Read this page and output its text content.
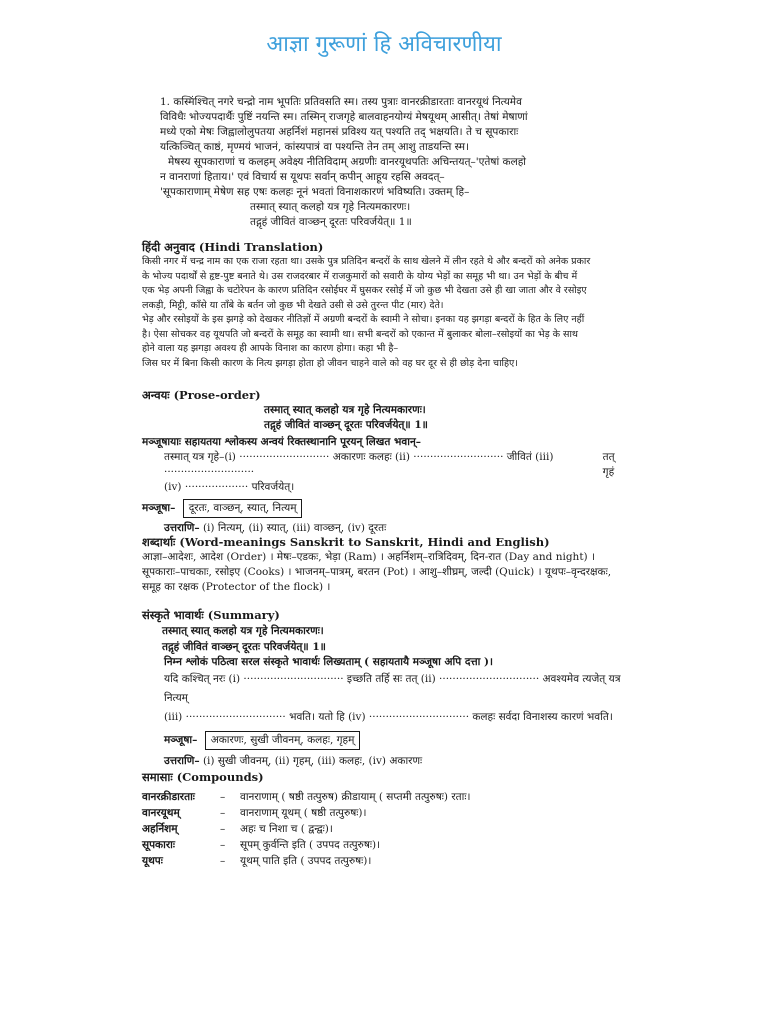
आज्ञा गुरूणां हि अविचारणीया
1. कस्मिंश्चित् नगरे चन्द्रो नाम भूपतिः प्रतिवसति स्म। तस्य पुत्राः वानरक्रीडारताः वानरयूथं नित्यमेव
विविधैः भोज्यपदार्थैः पुष्टिं नयन्ति स्म। तस्मिन् राजगृहे बालवाहनयोग्यं मेषयूथम् आसीत्। तेषां मेषाणां
मध्ये एको मेषः जिह्वालोलुपतया अहर्निशं महानसं प्रविश्य यत् पश्यति तद् भक्षयति। ते च सूपकाराः
यत्किञ्चित् काष्ठं, मृण्मयं भाजनं, कांस्यपात्रं वा पश्यन्ति तेन तम् आशु ताडयन्ति स्म।
मेषस्य सूपकाराणां च कलहम् अवेक्ष्य नीतिविदाम् अग्रणीः वानरयूथपतिः अचिन्तयत्–'एतेषां कलहो
न वानराणां हिताय।' एवं विचार्य स यूथपः सर्वान् कपीन् आहूय रहसि अवदत्–
'सूपकाराणाम् मेषेण सह एषः कलहः नूनं भवतां विनाशकारणं भविष्यति। उक्तम् हि–
तस्मात् स्यात् कलहो यत्र गृहे नित्यमकारणः।
तद्गृहं जीवितं वाञ्छन् दूरतः परिवर्जयेत्॥ 1॥
हिंदी अनुवाद (Hindi Translation)
किसी नगर में चन्द्र नाम का एक राजा रहता था। उसके पुत्र प्रतिदिन बन्दरों के साथ खेलने में लीन रहते थे और बन्दरों को अनेक प्रकार
के भोज्य पदार्थों से हृष्ट-पुष्ट बनाते थे। उस राजदरबार में राजकुमारों को सवारी के योग्य भेड़ों का समूह भी था। उन भेड़ों के बीच में
एक भेड़ अपनी जिह्वा के चटोरेपन के कारण प्रतिदिन रसोईघर में घुसकर रसोई में जो कुछ भी देखता उसे ही खा जाता और वे रसोइए
लकड़ी, मिट्टी, काँसे या ताँबे के बर्तन जो कुछ भी देखते उसी से उसे तुरन्त पीट (मार) देते।
भेड़ और रसोइयों के इस झगड़े को देखकर नीतिज्ञों में अग्रणी बन्दरों के स्वामी ने सोचा। इनका यह झगड़ा बन्दरों के हित के लिए नहीं
है। ऐसा सोचकर वह यूथपति जो बन्दरों के समूह का स्वामी था। सभी बन्दरों को एकान्त में बुलाकर बोला–रसोइयों का भेड़ के साथ
होने वाला यह झगड़ा अवश्य ही आपके विनाश का कारण होगा। कहा भी है–
जिस घर में बिना किसी कारण के नित्य झगड़ा होता हो जीवन चाहने वाले को वह घर दूर से ही छोड़ देना चाहिए।
अन्वयः (Prose-order)
तस्मात् स्यात् कलहो यत्र गृहे नित्यमकारणः।
तद्गृहं जीवितं वाञ्छन् दूरतः परिवर्जयेत्॥ 1॥
मञ्जूषायाः सहायतया श्लोकस्य अन्वयं रिक्तस्थानानि पूरयन् लिखत भवान्–
तस्मात् यत्र गृहे–(i) ··························· अकारणः कलहः (ii) ··························· जीवितं (iii) ···························
तत् गृहं
(iv) ··················· परिवर्जयेत्।
मञ्जूषा– दूरतः, वाञ्छन्, स्यात्, नित्यम्
उत्तराणि– (i) नित्यम्, (ii) स्यात्, (iii) वाञ्छन्, (iv) दूरतः
शब्दार्थाः (Word-meanings Sanskrit to Sanskrit, Hindi and English)
आज्ञा–आदेशः, आदेश (Order) । मेषः–एडकः, भेड़ा (Ram) । अहर्निशम्–रात्रिदिवम्, दिन-रात (Day and night) ।
सूपकाराः–पाचकाः, रसोइए (Cooks) । भाजनम्–पात्रम्, बरतन (Pot) । आशु–शीघ्रम्, जल्दी (Quick) । यूथपः–वृन्दरक्षकः,
समूह का रक्षक (Protector of the flock) ।
संस्कृते भावार्थः (Summary)
तस्मात् स्यात् कलहो यत्र गृहे नित्यमकारणः।
तद्गृहं जीवितं वाञ्छन् दूरतः परिवर्जयेत्॥ 1॥
निम्न श्लोकं पठित्वा सरल संस्कृते भावार्थः लिख्यताम् ( सहायतायै मञ्जूषा अपि दत्ता )।
यदि कश्चित् नरः (i) ······························ इच्छति तर्हि सः तत् (ii) ······························ अवश्यमेव त्यजेत् यत्र नित्यम्
(iii) ······························ भवति। यतो हि (iv) ······························ कलहः सर्वदा विनाशस्य कारणं भवति।
मञ्जूषा– अकारणः, सुखी जीवनम्, कलहः, गृहम्
उत्तराणि– (i) सुखी जीवनम्, (ii) गृहम्, (iii) कलहः, (iv) अकारणः
समासाः (Compounds)
वानरक्रीडारताः	–	वानराणाम् ( षष्ठी तत्पुरुष) क्रीडायाम् ( सप्तमी तत्पुरुषः) रताः।
वानरयूथम्	–	वानराणाम् यूथम् ( षष्ठी तत्पुरुषः)।
अहर्निशम्	–	अहः च निशा च ( द्वन्द्वः)।
सूपकाराः	–	सूपम् कुर्वन्ति इति ( उपपद तत्पुरुषः)।
यूथपः	–	यूथम् पाति इति ( उपपद तत्पुरुषः)।
